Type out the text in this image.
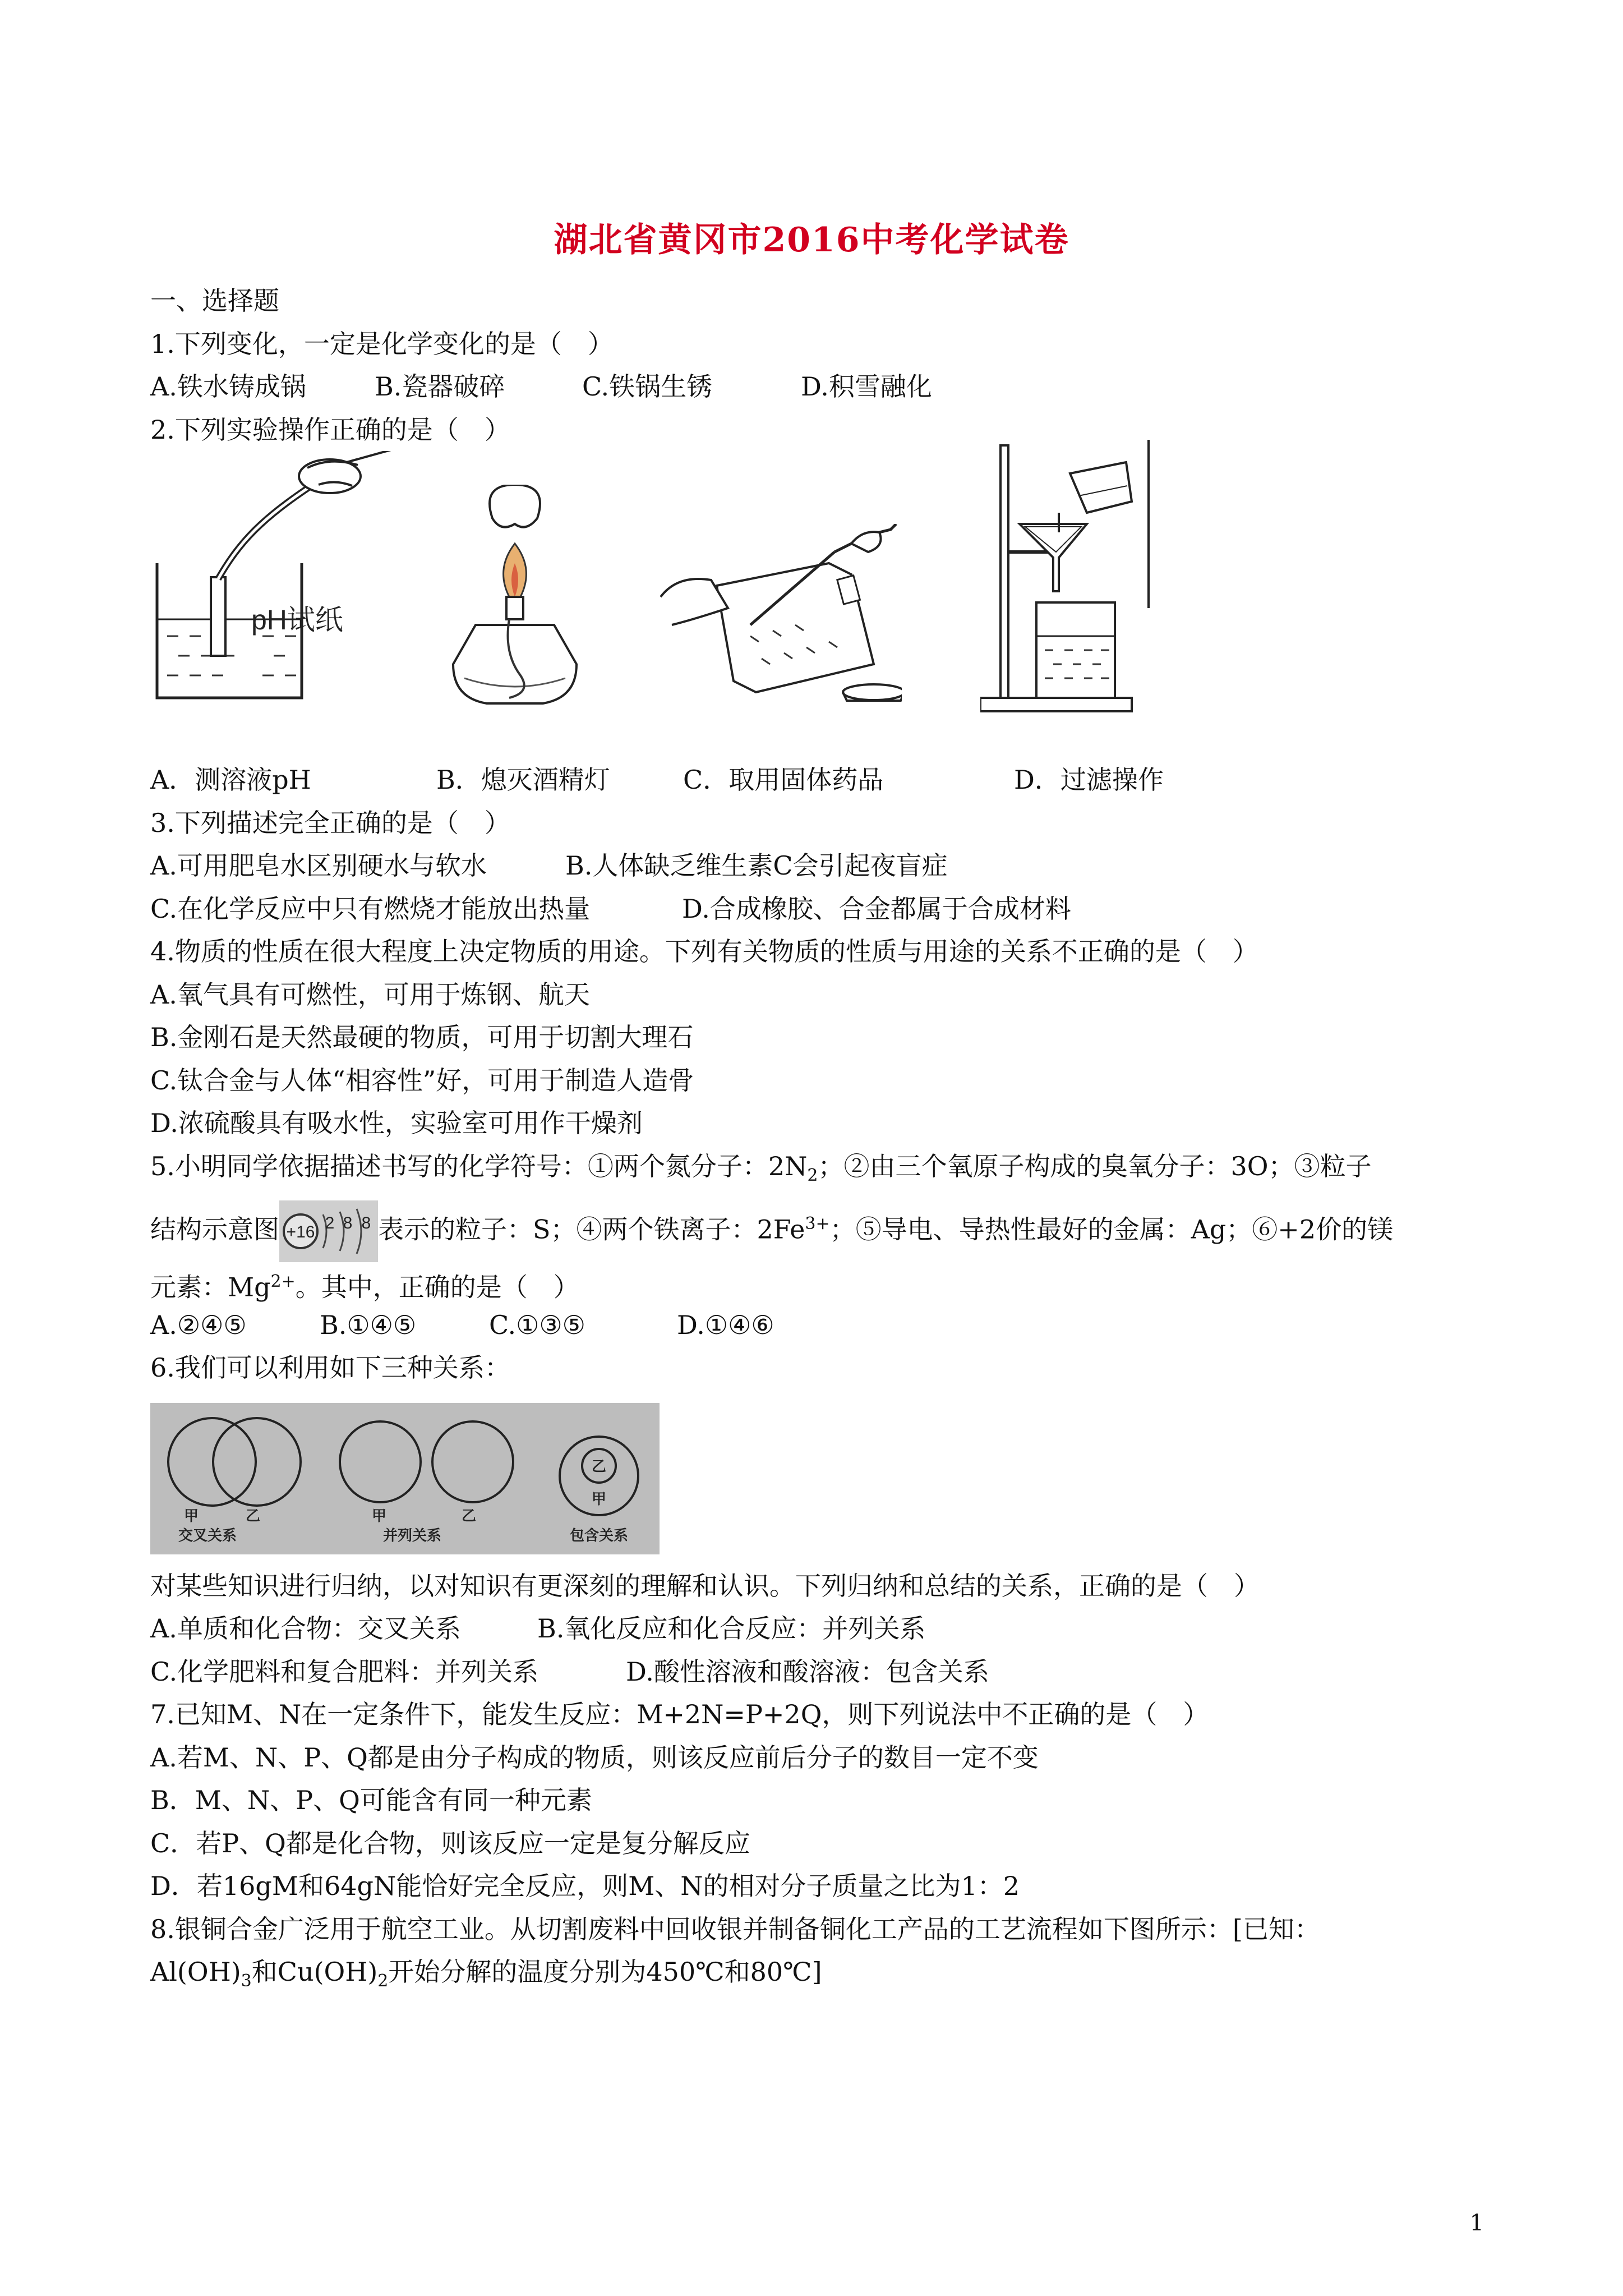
湖北省黄冈市2016中考化学试卷
一、选择题
1.下列变化，一定是化学变化的是（　）
A.铁水铸成锅	B.瓷器破碎	C.铁锅生锈	D.积雪融化
2.下列实验操作正确的是（　）
pH试纸
A．测溶液pH	B．熄灭酒精灯	C．取用固体药品	D．过滤操作
3.下列描述完全正确的是（　）
A.可用肥皂水区别硬水与软水	B.人体缺乏维生素C会引起夜盲症
C.在化学反应中只有燃烧才能放出热量	D.合成橡胶、合金都属于合成材料
4.物质的性质在很大程度上决定物质的用途。下列有关物质的性质与用途的关系不正确的是（　）
A.氧气具有可燃性，可用于炼钢、航天
B.金刚石是天然最硬的物质，可用于切割大理石
C.钛合金与人体“相容性”好，可用于制造人造骨
D.浓硫酸具有吸水性，实验室可用作干燥剂
5.小明同学依据描述书写的化学符号：①两个氮分子：$2N_2$；②由三个氧原子构成的臭氧分子：3O；③粒子
结构示意图 +16 2 8 8 表示的粒子：S；④两个铁离子：$2Fe^{3+}$；⑤导电、导热性最好的金属：Ag；⑥+2价的镁
元素：$Mg^{2+}$。其中，正确的是（　）
A.②④⑤	B.①④⑤	C.①③⑤	D.①④⑥
6.我们可以利用如下三种关系：
甲	乙
交叉关系
甲	乙
并列关系
乙
甲
包含关系
对某些知识进行归纳，以对知识有更深刻的理解和认识。下列归纳和总结的关系，正确的是（　）
A.单质和化合物：交叉关系	B.氧化反应和化合反应：并列关系
C.化学肥料和复合肥料：并列关系	D.酸性溶液和酸溶液：包含关系
7.已知M、N在一定条件下，能发生反应：M+2N=P+2Q，则下列说法中不正确的是（　）
A.若M、N、P、Q都是由分子构成的物质，则该反应前后分子的数目一定不变
B．M、N、P、Q可能含有同一种元素
C．若P、Q都是化合物，则该反应一定是复分解反应
D．若16gM和64gN能恰好完全反应，则M、N的相对分子质量之比为1：2
8.银铜合金广泛用于航空工业。从切割废料中回收银并制备铜化工产品的工艺流程如下图所示：[已知：
$Al(OH)_3$和$Cu(OH)_2$开始分解的温度分别为450℃和80℃]
1
